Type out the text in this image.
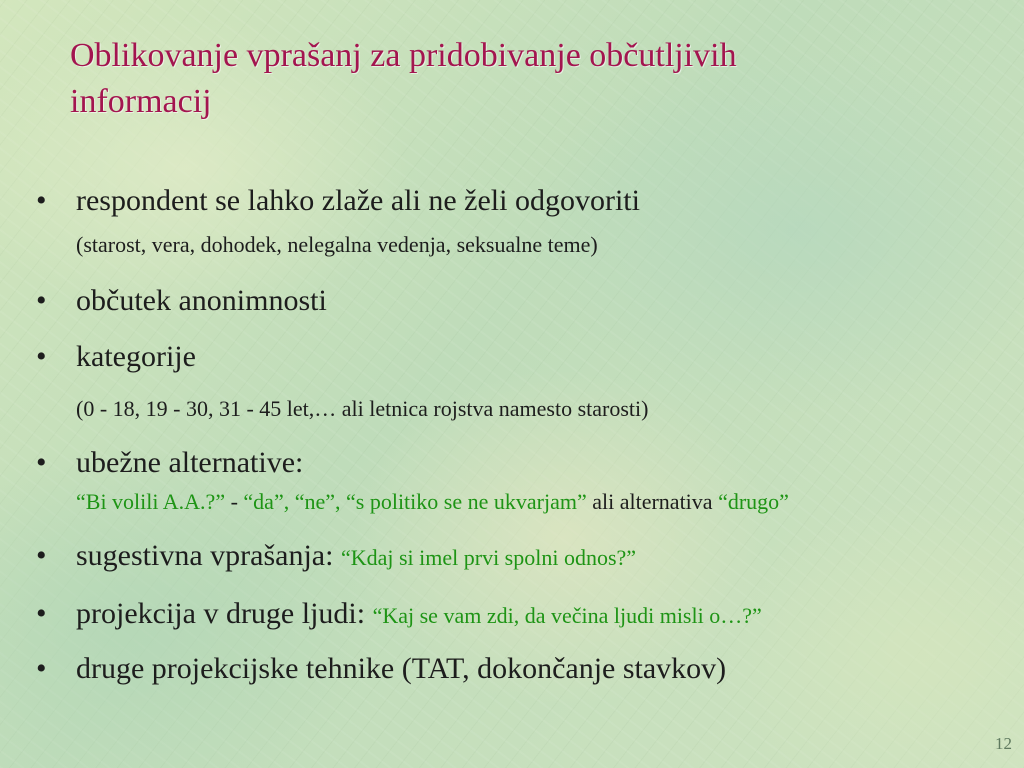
Oblikovanje vprašanj za pridobivanje občutljivih
informacij
• respondent se lahko zlaže ali ne želi odgovoriti
(starost, vera, dohodek, nelegalna vedenja, seksualne teme)
• občutek anonimnosti
• kategorije
(0 - 18, 19 - 30, 31 - 45 let,… ali letnica rojstva namesto starosti)
• ubežne alternative:
“Bi volili A.A.?” - “da”, “ne”, “s politiko se ne ukvarjam” ali alternativa “drugo”
• sugestivna vprašanja: “Kdaj si imel prvi spolni odnos?”
• projekcija v druge ljudi: “Kaj se vam zdi, da večina ljudi misli o…?”
• druge projekcijske tehnike (TAT, dokončanje stavkov)
12
